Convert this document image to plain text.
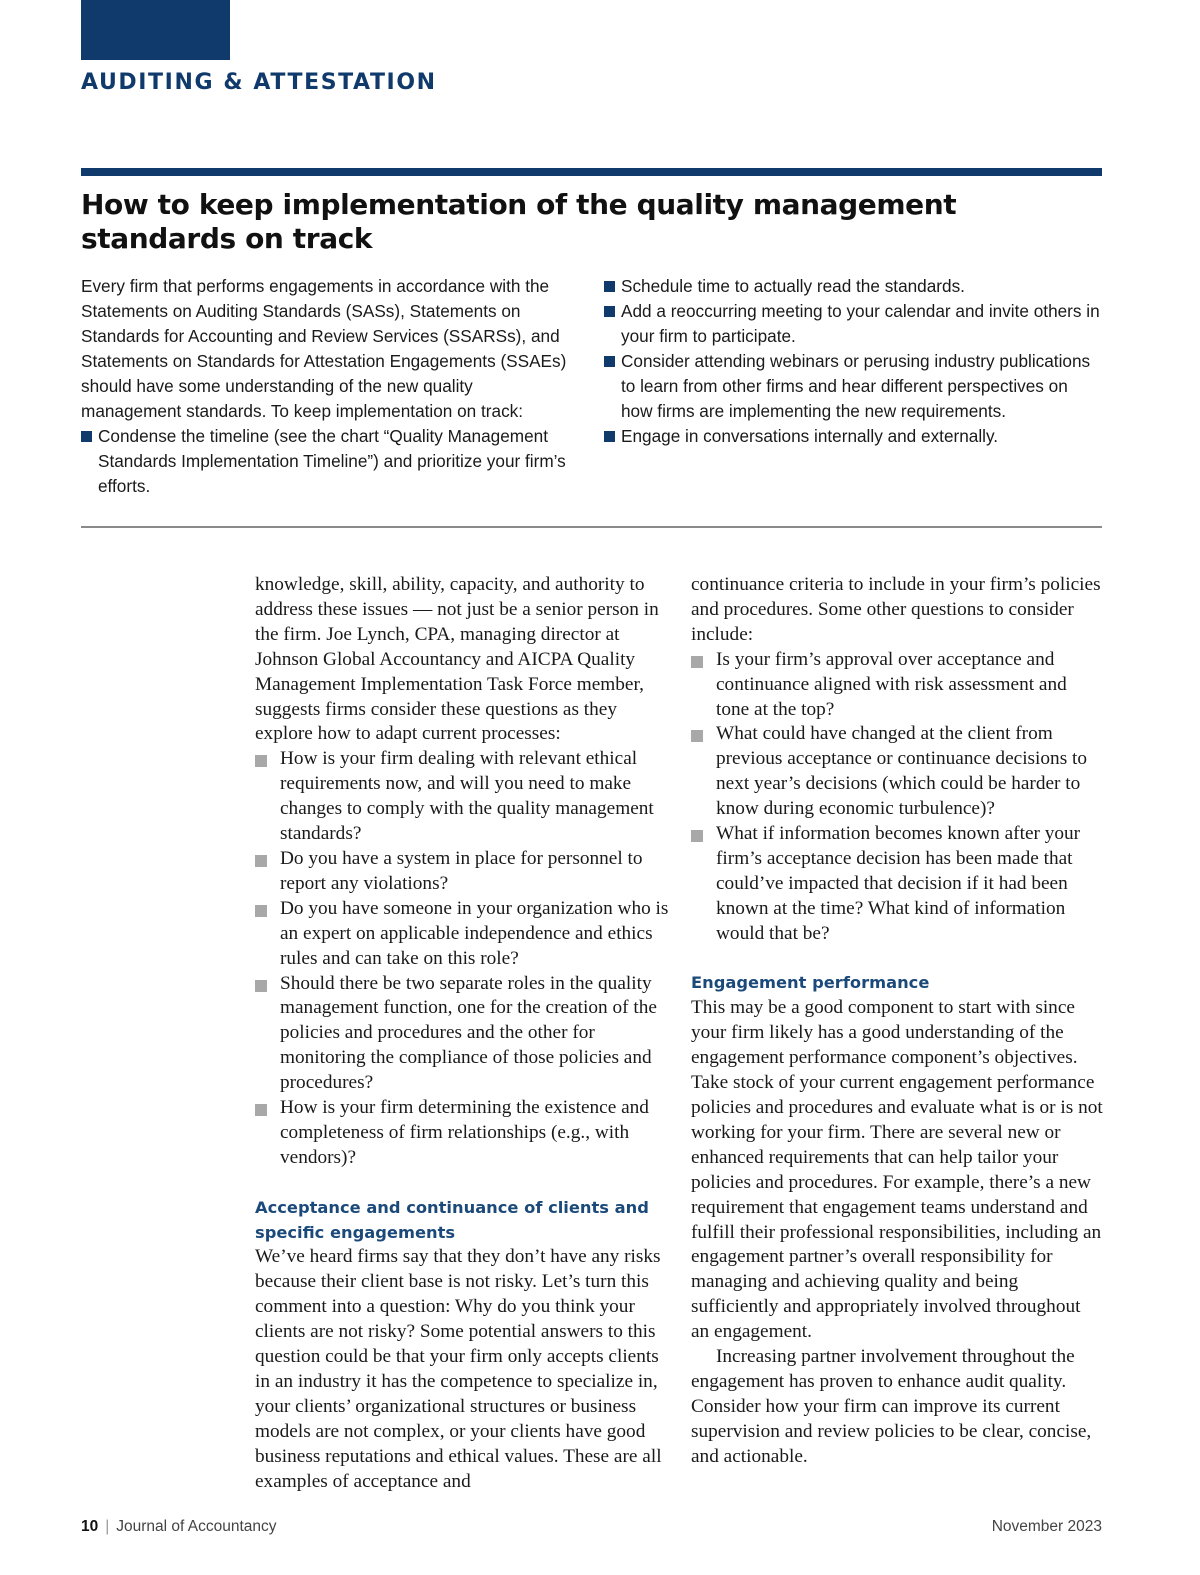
AUDITING & ATTESTATION
How to keep implementation of the quality management
standards on track
Every firm that performs engagements in accordance with the Statements on Auditing Standards (SASs), Statements on Standards for Accounting and Review Services (SSARSs), and Statements on Standards for Attestation Engagements (SSAEs) should have some understanding of the new quality management standards. To keep implementation on track:
Condense the timeline (see the chart “Quality Management Standards Implementation Timeline”) and prioritize your firm’s efforts.
Schedule time to actually read the standards.
Add a reoccurring meeting to your calendar and invite others in your firm to participate.
Consider attending webinars or perusing industry publications to learn from other firms and hear different perspectives on how firms are implementing the new requirements.
Engage in conversations internally and externally.

knowledge, skill, ability, capacity, and authority to address these issues — not just be a senior person in the firm. Joe Lynch, CPA, managing director at Johnson Global Accountancy and AICPA Quality Management Implementation Task Force member, suggests firms consider these questions as they explore how to adapt current processes:

How is your firm dealing with relevant ethical requirements now, and will you need to make changes to comply with the quality management standards?
Do you have a system in place for personnel to report any violations?
Do you have someone in your organization who is an expert on applicable independence and ethics rules and can take on this role?
Should there be two separate roles in the quality management function, one for the creation of the policies and procedures and the other for monitoring the compliance of those policies and procedures?
How is your firm determining the existence and completeness of firm relationships (e.g., with vendors)?
Acceptance and continuance of clients and specific engagements

We’ve heard firms say that they don’t have any risks because their client base is not risky. Let’s turn this comment into a question: Why do you think your clients are not risky? Some potential answers to this question could be that your firm only accepts clients in an industry it has the competence to specialize in, your clients’ organizational structures or business models are not complex, or your clients have good business reputations and ethical values. These are all examples of acceptance and

continuance criteria to include in your firm’s policies and procedures. Some other questions to consider include:

Is your firm’s approval over acceptance and continuance aligned with risk assessment and tone at the top?
What could have changed at the client from previous acceptance or continuance decisions to next year’s decisions (which could be harder to know during economic turbulence)?
What if information becomes known after your firm’s acceptance decision has been made that could’ve impacted that decision if it had been known at the time? What kind of information would that be?
Engagement performance

This may be a good component to start with since your firm likely has a good understanding of the engagement performance component’s objectives. Take stock of your current engagement performance policies and procedures and evaluate what is or is not working for your firm. There are several new or enhanced requirements that can help tailor your policies and procedures. For example, there’s a new requirement that engagement teams understand and fulfill their professional responsibilities, including an engagement partner’s overall responsibility for managing and achieving quality and being sufficiently and appropriately involved throughout an engagement.

Increasing partner involvement throughout the engagement has proven to enhance audit quality. Consider how your firm can improve its current supervision and review policies to be clear, concise, and actionable.

10 | Journal of Accountancy	November 2023
